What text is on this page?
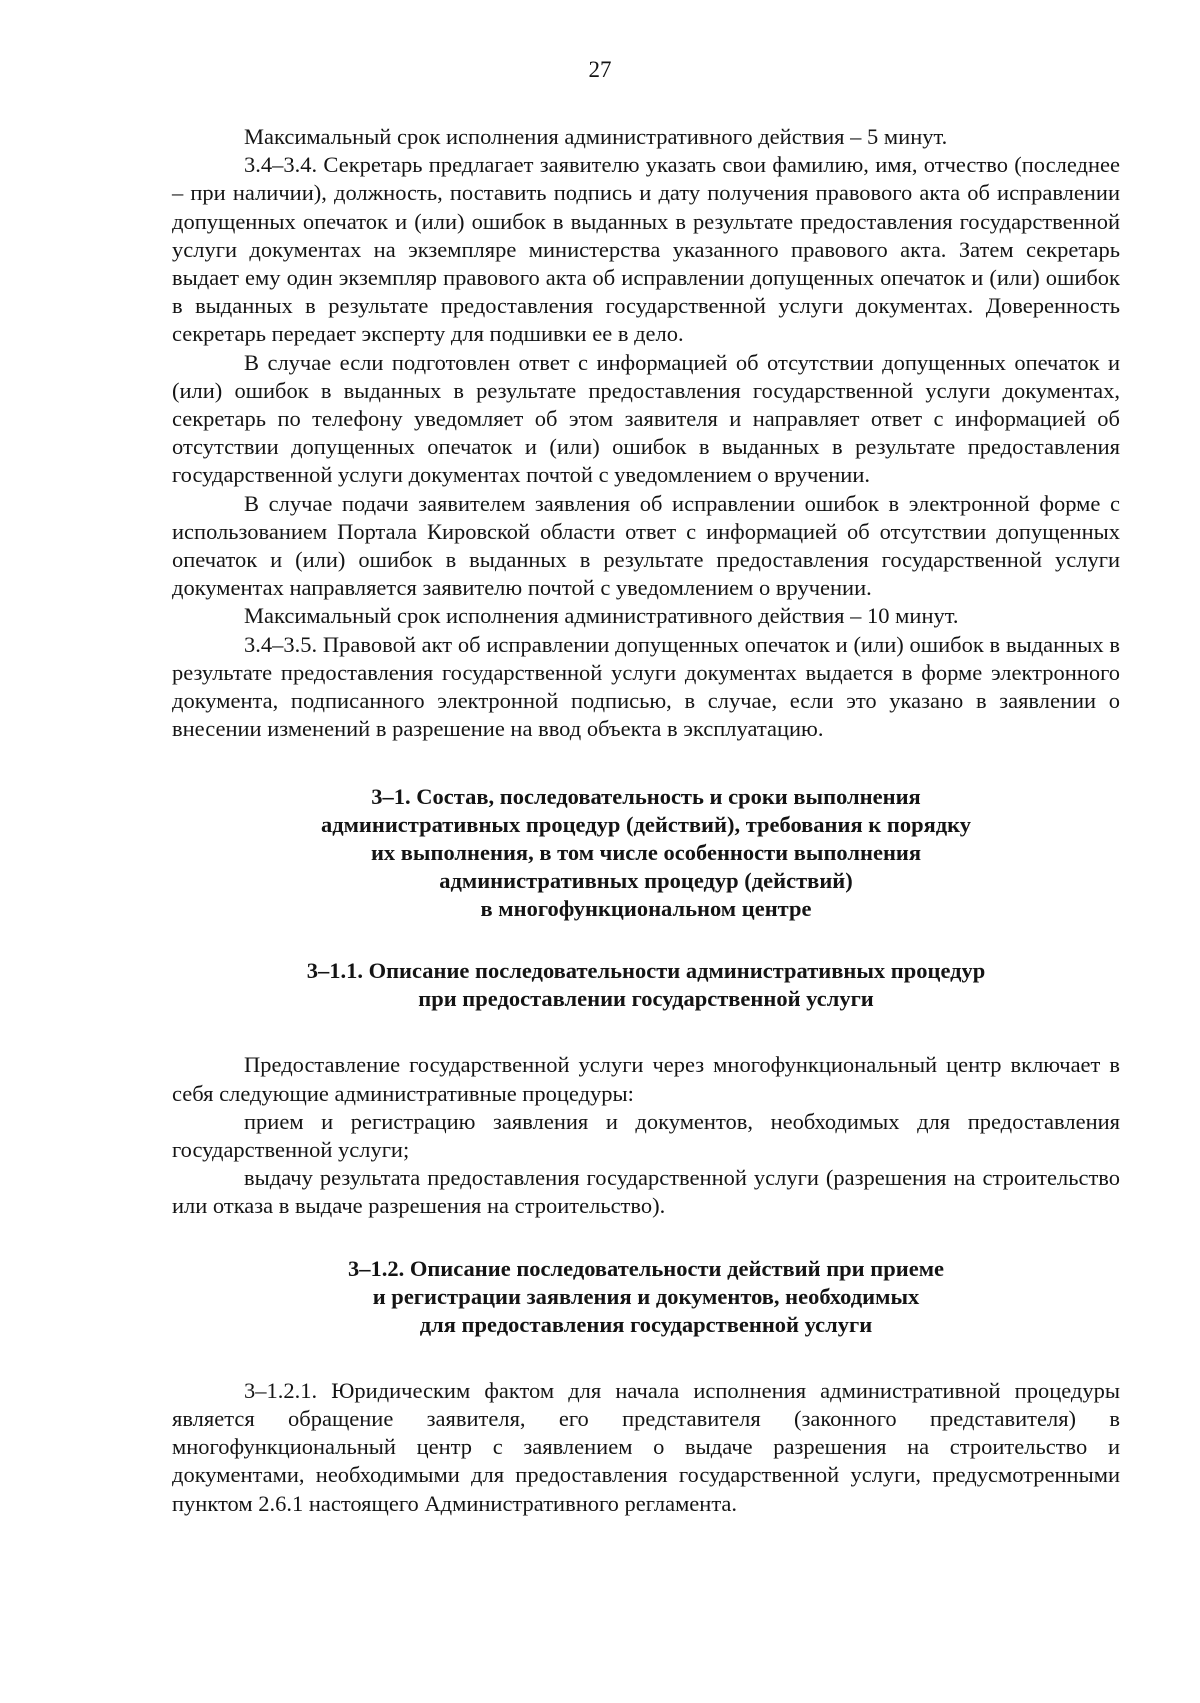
27

Максимальный срок исполнения административного действия – 5 минут.

3.4–3.4. Секретарь предлагает заявителю указать свои фамилию, имя, отчество (последнее – при наличии), должность, поставить подпись и дату получения правового акта об исправлении допущенных опечаток и (или) ошибок в выданных в результате предоставления государственной услуги документах на экземпляре министерства указанного правового акта. Затем секретарь выдает ему один экземпляр правового акта об исправлении допущенных опечаток и (или) ошибок в выданных в результате предоставления государственной услуги документах. Доверенность секретарь передает эксперту для подшивки ее в дело.

В случае если подготовлен ответ с информацией об отсутствии допущенных опечаток и (или) ошибок в выданных в результате предоставления государственной услуги документах, секретарь по телефону уведомляет об этом заявителя и направляет ответ с информацией об отсутствии допущенных опечаток и (или) ошибок в выданных в результате предоставления государственной услуги документах почтой с уведомлением о вручении.

В случае подачи заявителем заявления об исправлении ошибок в электронной форме с использованием Портала Кировской области ответ с информацией об отсутствии допущенных опечаток и (или) ошибок в выданных в результате предоставления государственной услуги документах направляется заявителю почтой с уведомлением о вручении.

Максимальный срок исполнения административного действия – 10 минут.

3.4–3.5. Правовой акт об исправлении допущенных опечаток и (или) ошибок в выданных в результате предоставления государственной услуги документах выдается в форме электронного документа, подписанного электронной подписью, в случае, если это указано в заявлении о внесении изменений в разрешение на ввод объекта в эксплуатацию.

3–1. Состав, последовательность и сроки выполнения
административных процедур (действий), требования к порядку
их выполнения, в том числе особенности выполнения
административных процедур (действий)
в многофункциональном центре
3–1.1. Описание последовательности административных процедур
при предоставлении государственной услуги

Предоставление государственной услуги через многофункциональный центр включает в себя следующие административные процедуры:

прием и регистрацию заявления и документов, необходимых для предоставления государственной услуги;

выдачу результата предоставления государственной услуги (разрешения на строительство или отказа в выдаче разрешения на строительство).

3–1.2. Описание последовательности действий при приеме
и регистрации заявления и документов, необходимых
для предоставления государственной услуги

3–1.2.1. Юридическим фактом для начала исполнения административной процедуры является обращение заявителя, его представителя (законного представителя) в многофункциональный центр с заявлением о выдаче разрешения на строительство и документами, необходимыми для предоставления государственной услуги, предусмотренными пунктом 2.6.1 настоящего Административного регламента.
